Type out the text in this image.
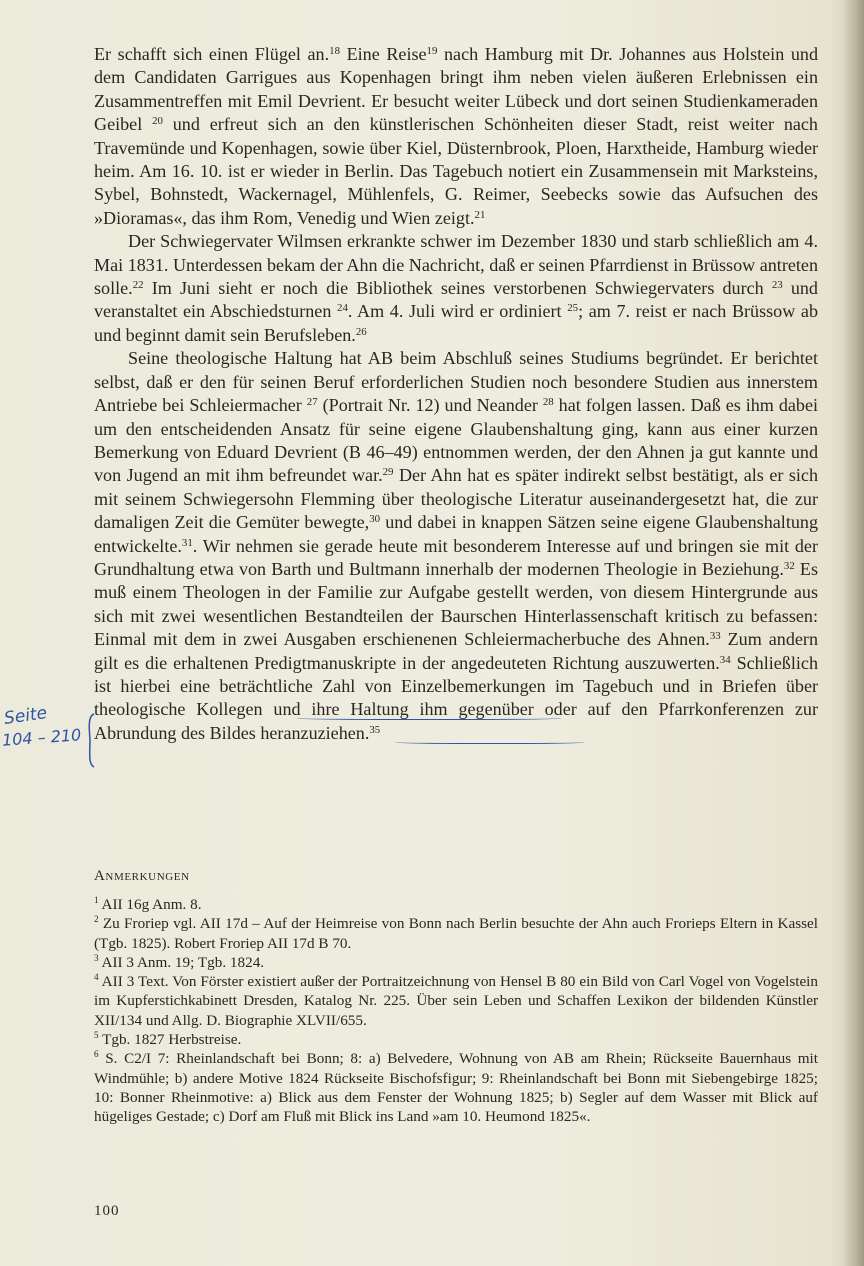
Er schafft sich einen Flügel an.$^{18}$ Eine Reise$^{19}$ nach Hamburg mit Dr. Johannes aus Holstein und dem Candidaten Garrigues aus Kopenhagen bringt ihm neben vielen äußeren Erlebnissen ein Zusammentreffen mit Emil Devrient. Er besucht weiter Lübeck und dort seinen Studienkameraden Geibel $^{20}$ und erfreut sich an den künstlerischen Schönheiten dieser Stadt, reist weiter nach Travemünde und Kopenhagen, sowie über Kiel, Düsternbrook, Ploen, Harxtheide, Hamburg wieder heim. Am 16. 10. ist er wieder in Berlin. Das Tagebuch notiert ein Zusammensein mit Marksteins, Sybel, Bohnstedt, Wackernagel, Mühlenfels, G. Reimer, Seebecks sowie das Aufsuchen des »Dioramas«, das ihm Rom, Venedig und Wien zeigt.$^{21}$

Der Schwiegervater Wilmsen erkrankte schwer im Dezember 1830 und starb schließlich am 4. Mai 1831. Unterdessen bekam der Ahn die Nachricht, daß er seinen Pfarrdienst in Brüssow antreten solle.$^{22}$ Im Juni sieht er noch die Bibliothek seines verstorbenen Schwiegervaters durch $^{23}$ und veranstaltet ein Abschiedsturnen $^{24}$. Am 4. Juli wird er ordiniert $^{25}$; am 7. reist er nach Brüssow ab und beginnt damit sein Berufsleben.$^{26}$

Seine theologische Haltung hat AB beim Abschluß seines Studiums begründet. Er berichtet selbst, daß er den für seinen Beruf erforderlichen Studien noch besondere Studien aus innerstem Antriebe bei Schleiermacher $^{27}$ (Portrait Nr. 12) und Neander $^{28}$ hat folgen lassen. Daß es ihm dabei um den entscheidenden Ansatz für seine eigene Glaubenshaltung ging, kann aus einer kurzen Bemerkung von Eduard Devrient (B 46–49) entnommen werden, der den Ahnen ja gut kannte und von Jugend an mit ihm befreundet war.$^{29}$ Der Ahn hat es später indirekt selbst bestätigt, als er sich mit seinem Schwiegersohn Flemming über theologische Literatur auseinandergesetzt hat, die zur damaligen Zeit die Gemüter bewegte,$^{30}$ und dabei in knappen Sätzen seine eigene Glaubenshaltung entwickelte.$^{31}$. Wir nehmen sie gerade heute mit besonderem Interesse auf und bringen sie mit der Grundhaltung etwa von Barth und Bultmann innerhalb der modernen Theologie in Beziehung.$^{32}$ Es muß einem Theologen in der Familie zur Aufgabe gestellt werden, von diesem Hintergrunde aus sich mit zwei wesentlichen Bestandteilen der Baurschen Hinterlassenschaft kritisch zu befassen: Einmal mit dem in zwei Ausgaben erschienenen Schleiermacherbuche des Ahnen.$^{33}$ Zum andern gilt es die erhaltenen Predigtmanuskripte in der angedeuteten Richtung auszuwerten.$^{34}$ Schließlich ist hierbei eine beträchtliche Zahl von Einzelbemerkungen im Tagebuch und in Briefen über theologische Kollegen und ihre Haltung ihm gegenüber oder auf den Pfarrkonferenzen zur Abrundung des Bildes heranzuziehen.$^{35}$

Seite
104 – 210
Anmerkungen

$^1$ AII 16g Anm. 8.

$^2$ Zu Froriep vgl. AII 17d – Auf der Heimreise von Bonn nach Berlin besuchte der Ahn auch Frorieps Eltern in Kassel (Tgb. 1825). Robert Froriep AII 17d B 70.

$^3$ AII 3 Anm. 19; Tgb. 1824.

$^4$ AII 3 Text. Von Förster existiert außer der Portraitzeichnung von Hensel B 80 ein Bild von Carl Vogel von Vogelstein im Kupferstichkabinett Dresden, Katalog Nr. 225. Über sein Leben und Schaffen Lexikon der bildenden Künstler XII/134 und Allg. D. Biographie XLVII/655.

$^5$ Tgb. 1827 Herbstreise.

$^6$ S. C2/I 7: Rheinlandschaft bei Bonn; 8: a) Belvedere, Wohnung von AB am Rhein; Rückseite Bauernhaus mit Windmühle; b) andere Motive 1824 Rückseite Bischofsfigur; 9: Rheinlandschaft bei Bonn mit Siebengebirge 1825; 10: Bonner Rheinmotive: a) Blick aus dem Fenster der Wohnung 1825; b) Segler auf dem Wasser mit Blick auf hügeliges Gestade; c) Dorf am Fluß mit Blick ins Land »am 10. Heumond 1825«.

100
